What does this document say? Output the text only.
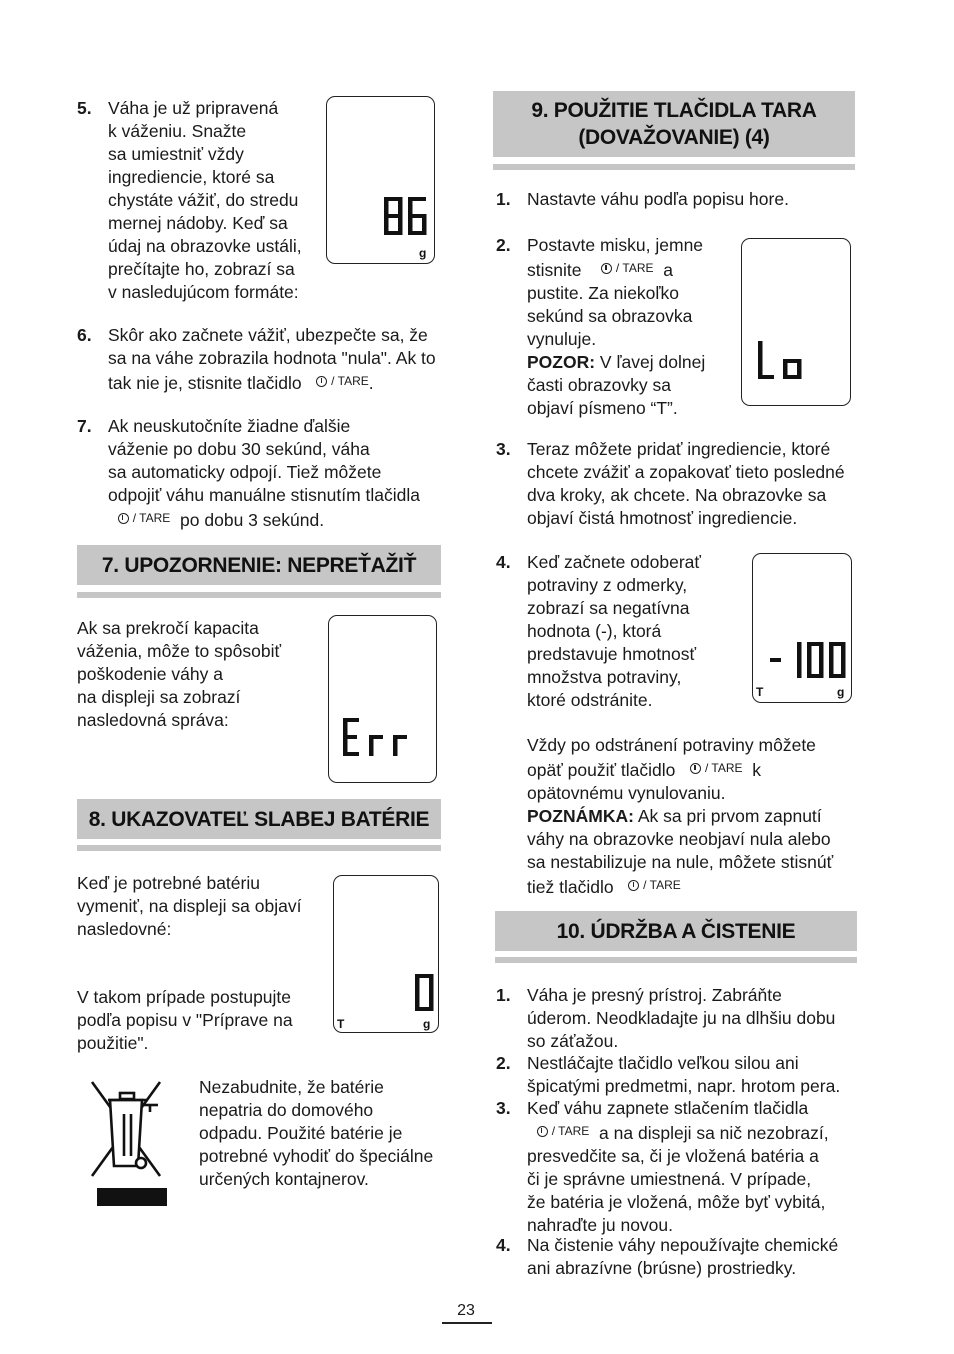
5. Váha je už pripravená
k váženiu. Snažte
sa umiestniť vždy
ingrediencie, ktoré sa
chystáte vážiť, do stredu
mernej nádoby. Keď sa
údaj na obrazovke ustáli,
prečítajte ho, zobrazí sa
v nasledujúcom formáte:
g
6. Skôr ako začnete vážiť, ubezpečte sa, že
sa na váhe zobrazila hodnota "nula". Ak to
tak nie je, stisnite tlačidlo / TARE .
7. Ak neuskutočníte žiadne ďalšie
váženie po dobu 30 sekúnd, váha
sa automaticky odpojí. Tiež môžete
odpojiť váhu manuálne stisnutím tlačidla

/ TARE po dobu 3 sekúnd.
7. UPOZORNENIE: NEPREŤAŽIŤ
Ak sa prekročí kapacita
váženia, môže to spôsobiť
poškodenie váhy a
na displeji sa zobrazí
nasledovná správa:
8. UKAZOVATEĽ SLABEJ BATÉRIE
Keď je potrebné batériu
vymeniť, na displeji sa objaví
nasledovné:
V takom prípade postupujte
podľa popisu v "Príprave na
použitie".
T	g
Nezabudnite, že batérie
nepatria do domového
odpadu. Použité batérie je
potrebné vyhodiť do špeciálne
určených kontajnerov.
9. POUŽITIE TLAČIDLA TARA
(DOVAŽOVANIE) (4)
1. Nastavte váhu podľa popisu hore.
2. Postavte misku, jemne
stisnite	/ TARE a
pustite. Za niekoľko
sekúnd sa obrazovka
vynuluje.
POZOR: V ľavej dolnej
časti obrazovky sa
objaví písmeno “T”.
3. Teraz môžete pridať ingrediencie, ktoré
chcete zvážiť a zopakovať tieto posledné
dva kroky, ak chcete. Na obrazovke sa
objaví čistá hmotnosť ingrediencie.
4. Keď začnete odoberať
potraviny z odmerky,
zobrazí sa negatívna
hodnota (-), ktorá
predstavuje hmotnosť
množstva potraviny,
ktoré odstránite.	T	g
Vždy po odstránení potraviny môžete
opäť použiť tlačidlo / TARE k
opätovnému vynulovaniu.
POZNÁMKA: Ak sa pri prvom zapnutí
váhy na obrazovke neobjaví nula alebo
sa nestabilizuje na nule, môžete stisnúť
tiež tlačidlo / TARE
10. ÚDRŽBA A ČISTENIE
1. Váha je presný prístroj. Zabráňte
úderom. Neodkladajte ju na dlhšiu dobu
so záťažou.
2. Nestláčajte tlačidlo veľkou silou ani
špicatými predmetmi, napr. hrotom pera.
3. Keď váhu zapnete stlačením tlačidla

/ TARE a na displeji sa nič nezobrazí,
presvedčite sa, či je vložená batéria a
či je správne umiestnená. V prípade,
že batéria je vložená, môže byť vybitá,
nahraďte ju novou.
4. Na čistenie váhy nepoužívajte chemické
ani abrazívne (brúsne) prostriedky.
23
